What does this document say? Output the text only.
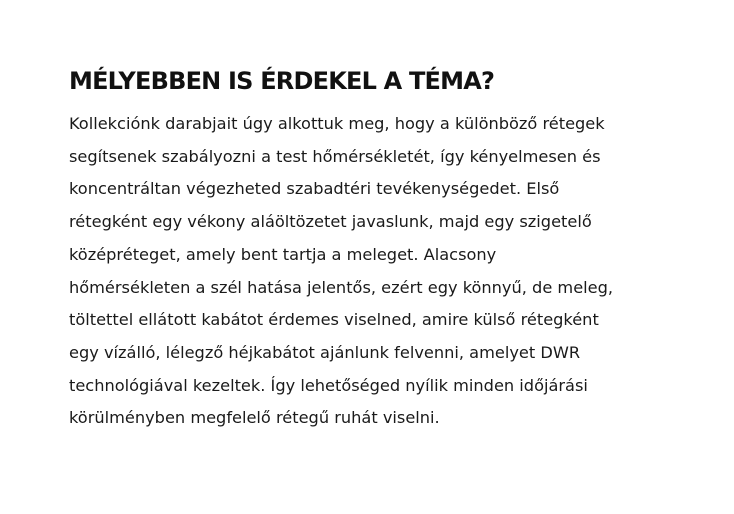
MÉLYEBBEN IS ÉRDEKEL A TÉMA?

Kollekciónk darabjait úgy alkottuk meg, hogy a különböző rétegek
segítsenek szabályozni a test hőmérsékletét, így kényelmesen és
koncentráltan végezheted szabadtéri tevékenységedet. Első
rétegként egy vékony aláöltözetet javaslunk, majd egy szigetelő
középréteget, amely bent tartja a meleget. Alacsony
hőmérsékleten a szél hatása jelentős, ezért egy könnyű, de meleg,
töltettel ellátott kabátot érdemes viselned, amire külső rétegként
egy vízálló, lélegző héjkabátot ajánlunk felvenni, amelyet DWR
technológiával kezeltek. Így lehetőséged nyílik minden időjárási
körülményben megfelelő rétegű ruhát viselni.
